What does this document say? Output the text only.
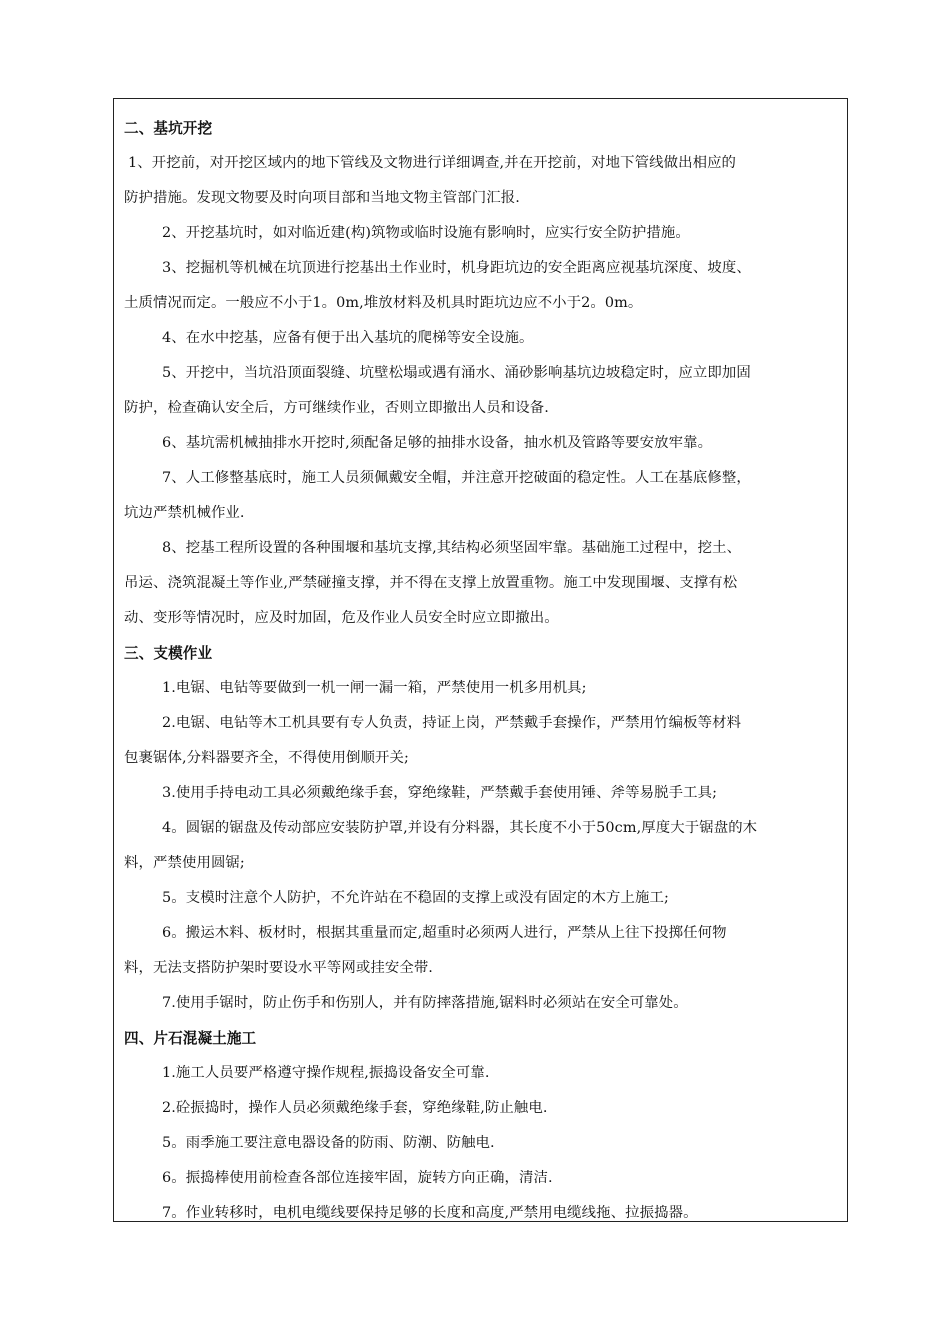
二、基坑开挖
1、开挖前，对开挖区域内的地下管线及文物进行详细调查,并在开挖前，对地下管线做出相应的
防护措施。发现文物要及时向项目部和当地文物主管部门汇报.
2、开挖基坑时，如对临近建(构)筑物或临时设施有影响时，应实行安全防护措施。
3、挖掘机等机械在坑顶进行挖基出土作业时，机身距坑边的安全距离应视基坑深度、坡度、
土质情况而定。一般应不小于1。0m,堆放材料及机具时距坑边应不小于2。0m。
4、在水中挖基，应备有便于出入基坑的爬梯等安全设施。
5、开挖中，当坑沿顶面裂缝、坑壁松塌或遇有涌水、涌砂影响基坑边坡稳定时，应立即加固
防护，检查确认安全后，方可继续作业，否则立即撤出人员和设备.
6、基坑需机械抽排水开挖时,须配备足够的抽排水设备，抽水机及管路等要安放牢靠。
7、人工修整基底时，施工人员须佩戴安全帽，并注意开挖破面的稳定性。人工在基底修整，
坑边严禁机械作业.
8、挖基工程所设置的各种围堰和基坑支撑,其结构必须坚固牢靠。基础施工过程中，挖土、
吊运、浇筑混凝土等作业,严禁碰撞支撑，并不得在支撑上放置重物。施工中发现围堰、支撑有松
动、变形等情况时，应及时加固，危及作业人员安全时应立即撤出。
三、支模作业
1.电锯、电钻等要做到一机一闸一漏一箱，严禁使用一机多用机具;
2.电锯、电钻等木工机具要有专人负责，持证上岗，严禁戴手套操作，严禁用竹编板等材料
包裹锯体,分料器要齐全，不得使用倒顺开关;
3.使用手持电动工具必须戴绝缘手套，穿绝缘鞋，严禁戴手套使用锤、斧等易脱手工具;
4。圆锯的锯盘及传动部应安装防护罩,并设有分料器，其长度不小于50cm,厚度大于锯盘的木
料，严禁使用圆锯;
5。支模时注意个人防护，不允许站在不稳固的支撑上或没有固定的木方上施工;
6。搬运木料、板材时，根据其重量而定,超重时必须两人进行，严禁从上往下投掷任何物
料，无法支搭防护架时要设水平等网或挂安全带.
7.使用手锯时，防止伤手和伤别人，并有防摔落措施,锯料时必须站在安全可靠处。
四、片石混凝土施工
1.施工人员要严格遵守操作规程,振捣设备安全可靠.
2.砼振捣时，操作人员必须戴绝缘手套，穿绝缘鞋,防止触电.
5。雨季施工要注意电器设备的防雨、防潮、防触电.
6。振捣棒使用前检查各部位连接牢固，旋转方向正确，清洁.
7。作业转移时，电机电缆线要保持足够的长度和高度,严禁用电缆线拖、拉振捣器。
